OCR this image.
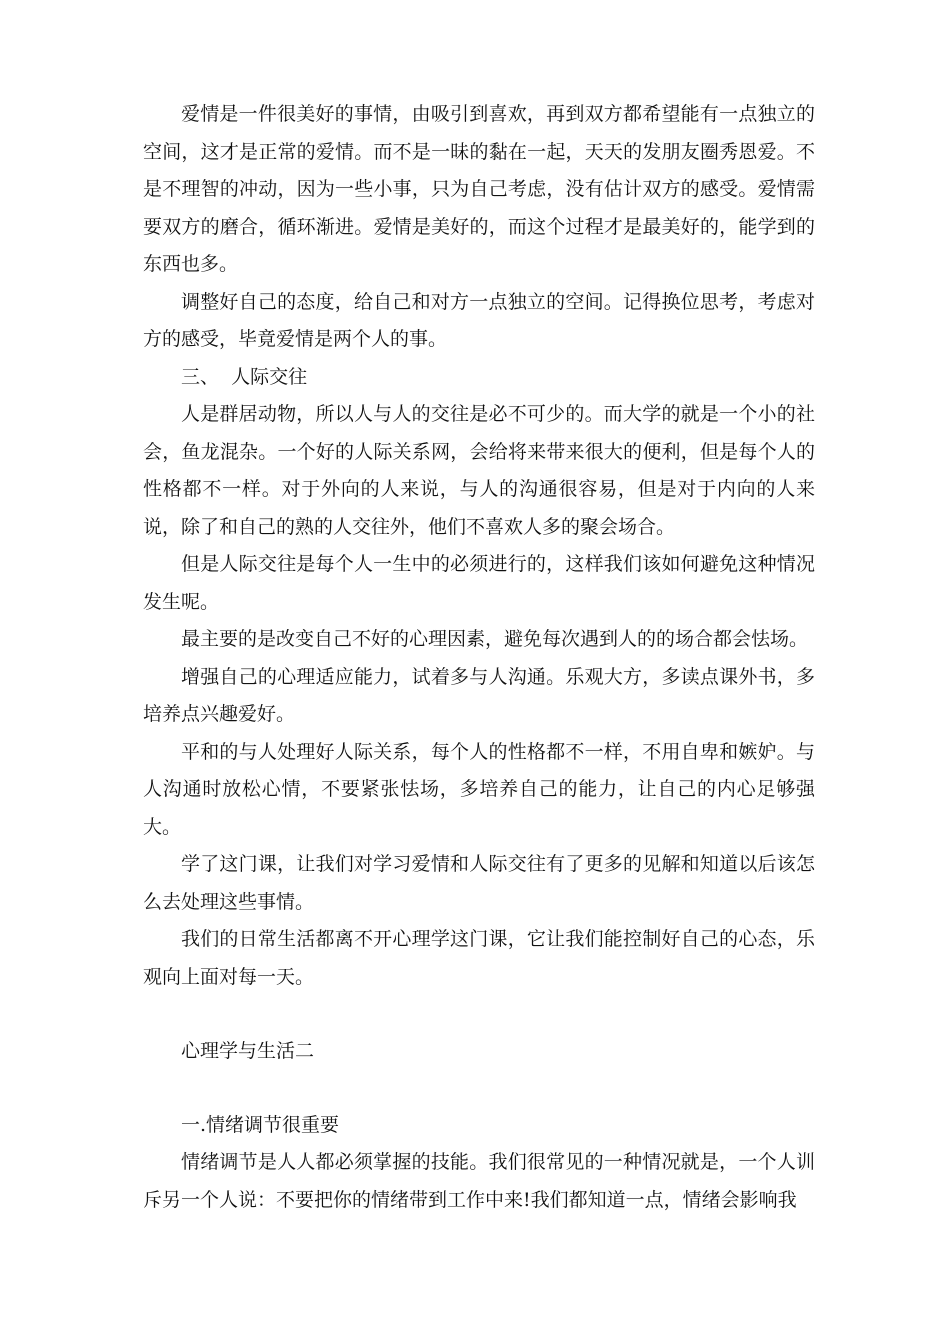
爱情是一件很美好的事情，由吸引到喜欢，再到双方都希望能有一点独立的空间，这才是正常的爱情。而不是一昧的黏在一起，天天的发朋友圈秀恩爱。不是不理智的冲动，因为一些小事，只为自己考虑，没有估计双方的感受。爱情需要双方的磨合，循环渐进。爱情是美好的，而这个过程才是最美好的，能学到的东西也多。

调整好自己的态度，给自己和对方一点独立的空间。记得换位思考，考虑对方的感受，毕竟爱情是两个人的事。

三、  人际交往

人是群居动物，所以人与人的交往是必不可少的。而大学的就是一个小的社会，鱼龙混杂。一个好的人际关系网，会给将来带来很大的便利，但是每个人的性格都不一样。对于外向的人来说，与人的沟通很容易，但是对于内向的人来说，除了和自己的熟的人交往外，他们不喜欢人多的聚会场合。

但是人际交往是每个人一生中的必须进行的，这样我们该如何避免这种情况发生呢。

最主要的是改变自己不好的心理因素，避免每次遇到人的的场合都会怯场。

增强自己的心理适应能力，试着多与人沟通。乐观大方，多读点课外书，多培养点兴趣爱好。

平和的与人处理好人际关系，每个人的性格都不一样，不用自卑和嫉妒。与人沟通时放松心情，不要紧张怯场，多培养自己的能力，让自己的内心足够强大。

学了这门课，让我们对学习爱情和人际交往有了更多的见解和知道以后该怎么去处理这些事情。

我们的日常生活都离不开心理学这门课，它让我们能控制好自己的心态，乐观向上面对每一天。

心理学与生活二

一.情绪调节很重要

情绪调节是人人都必须掌握的技能。我们很常见的一种情况就是，一个人训斥另一个人说：不要把你的情绪带到工作中来!我们都知道一点，情绪会影响我
